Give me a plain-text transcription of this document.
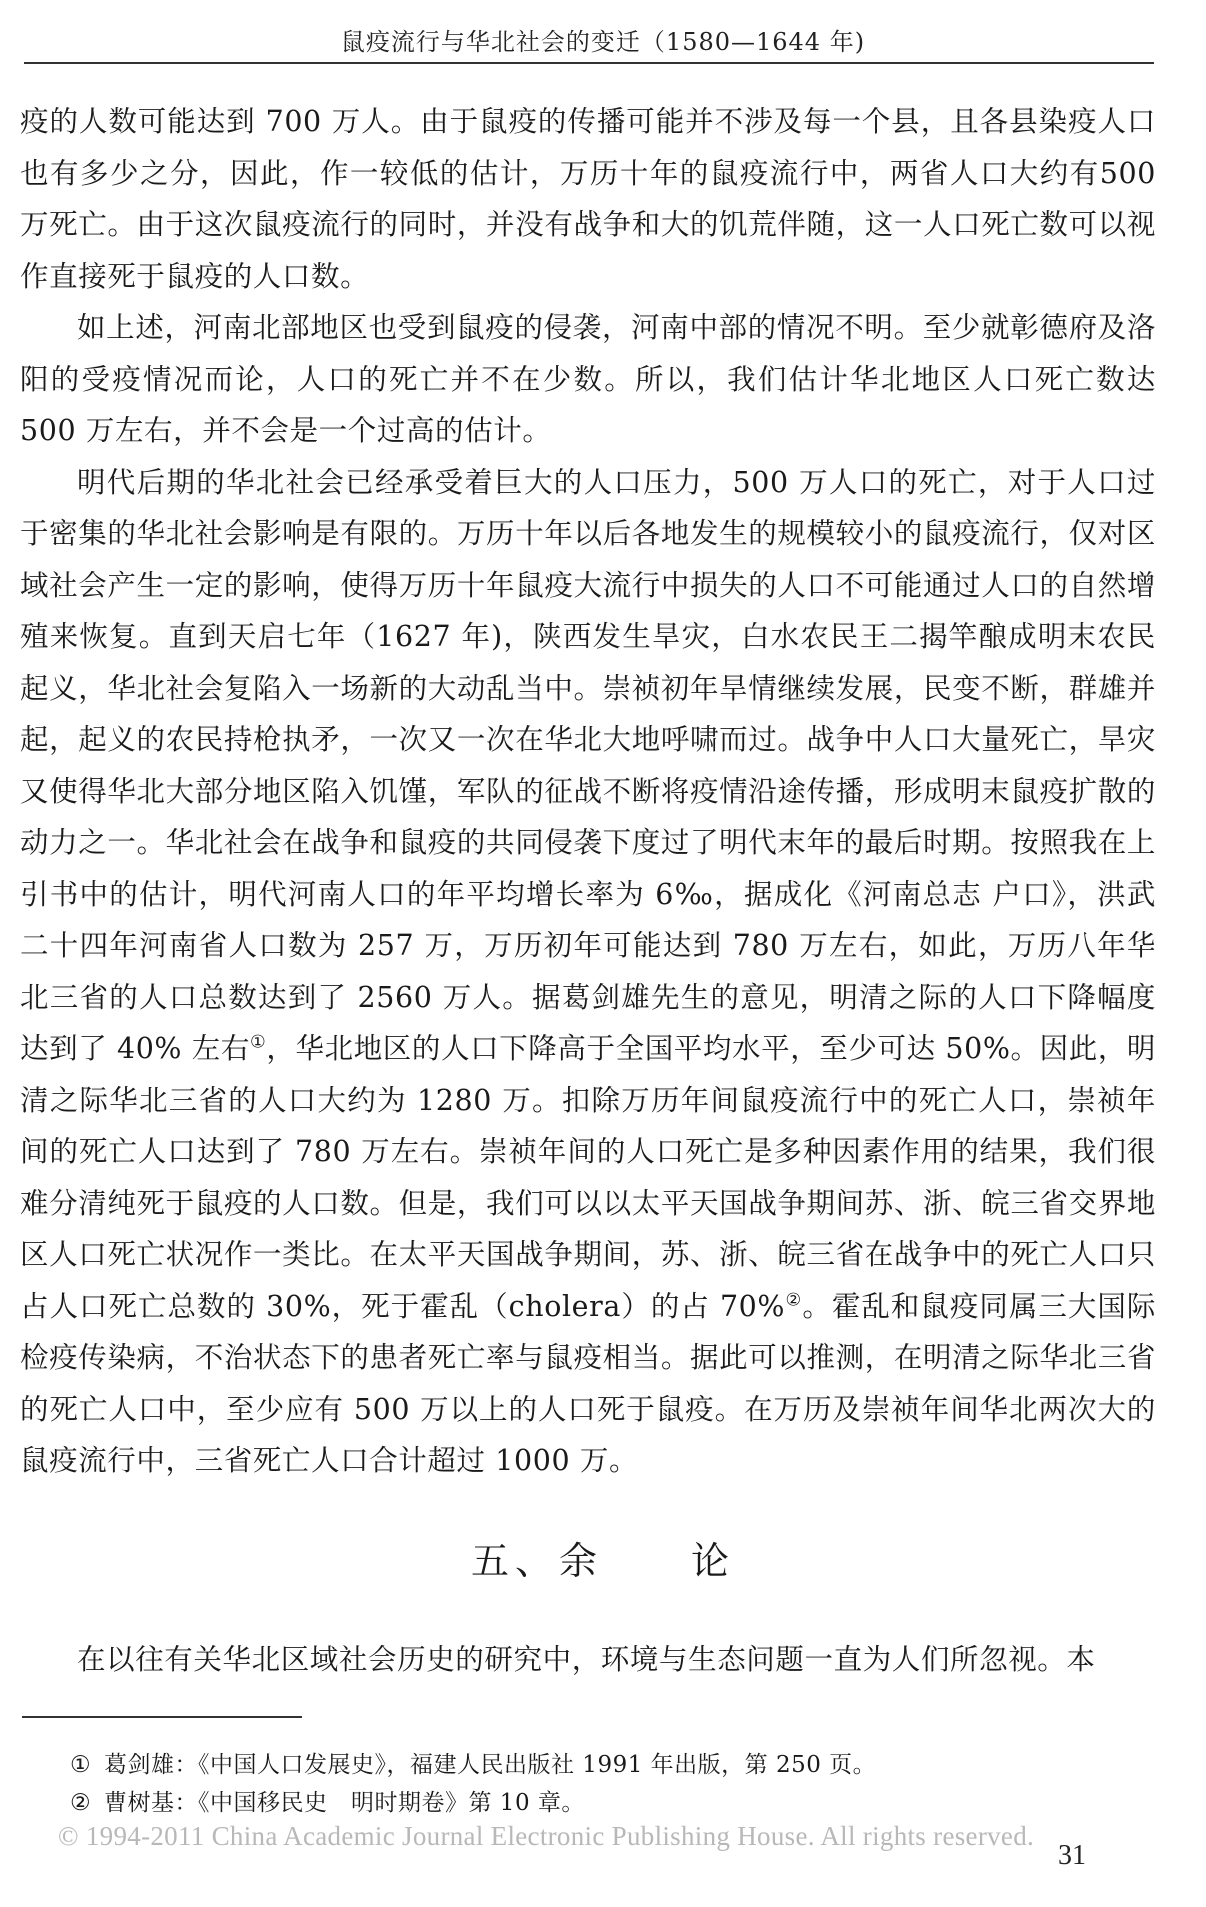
鼠疫流行与华北社会的变迁（1580—1644 年)

疫的人数可能达到 700 万人。由于鼠疫的传播可能并不涉及每一个县，且各县染疫人口也有多少之分，因此，作一较低的估计，万历十年的鼠疫流行中，两省人口大约有500 万死亡。由于这次鼠疫流行的同时，并没有战争和大的饥荒伴随，这一人口死亡数可以视作直接死于鼠疫的人口数。

如上述，河南北部地区也受到鼠疫的侵袭，河南中部的情况不明。至少就彰德府及洛阳的受疫情况而论，人口的死亡并不在少数。所以，我们估计华北地区人口死亡数达 500 万左右，并不会是一个过高的估计。

明代后期的华北社会已经承受着巨大的人口压力，500 万人口的死亡，对于人口过于密集的华北社会影响是有限的。万历十年以后各地发生的规模较小的鼠疫流行，仅对区域社会产生一定的影响，使得万历十年鼠疫大流行中损失的人口不可能通过人口的自然增殖来恢复。直到天启七年（1627 年)，陕西发生旱灾，白水农民王二揭竿酿成明末农民起义，华北社会复陷入一场新的大动乱当中。崇祯初年旱情继续发展，民变不断，群雄并起，起义的农民持枪执矛，一次又一次在华北大地呼啸而过。战争中人口大量死亡，旱灾又使得华北大部分地区陷入饥馑，军队的征战不断将疫情沿途传播，形成明末鼠疫扩散的动力之一。华北社会在战争和鼠疫的共同侵袭下度过了明代末年的最后时期。按照我在上引书中的估计，明代河南人口的年平均增长率为 6‰，据成化《河南总志 户口》，洪武二十四年河南省人口数为 257 万，万历初年可能达到 780 万左右，如此，万历八年华北三省的人口总数达到了 2560 万人。据葛剑雄先生的意见，明清之际的人口下降幅度达到了 40% 左右①，华北地区的人口下降高于全国平均水平，至少可达 50%。因此，明清之际华北三省的人口大约为 1280 万。扣除万历年间鼠疫流行中的死亡人口，崇祯年间的死亡人口达到了 780 万左右。崇祯年间的人口死亡是多种因素作用的结果，我们很难分清纯死于鼠疫的人口数。但是，我们可以以太平天国战争期间苏、浙、皖三省交界地区人口死亡状况作一类比。在太平天国战争期间，苏、浙、皖三省在战争中的死亡人口只占人口死亡总数的 30%，死于霍乱（cholera）的占 70%②。霍乱和鼠疫同属三大国际检疫传染病，不治状态下的患者死亡率与鼠疫相当。据此可以推测，在明清之际华北三省的死亡人口中，至少应有 500 万以上的人口死于鼠疫。在万历及崇祯年间华北两次大的鼠疫流行中，三省死亡人口合计超过 1000 万。

五、余　　论

在以往有关华北区域社会历史的研究中，环境与生态问题一直为人们所忽视。本

① 葛剑雄：《中国人口发展史》，福建人民出版社 1991 年出版，第 250 页。
② 曹树基：《中国移民史　明时期卷》第 10 章。
© 1994-2011 China Academic Journal Electronic Publishing House. All rights reserved.
31
